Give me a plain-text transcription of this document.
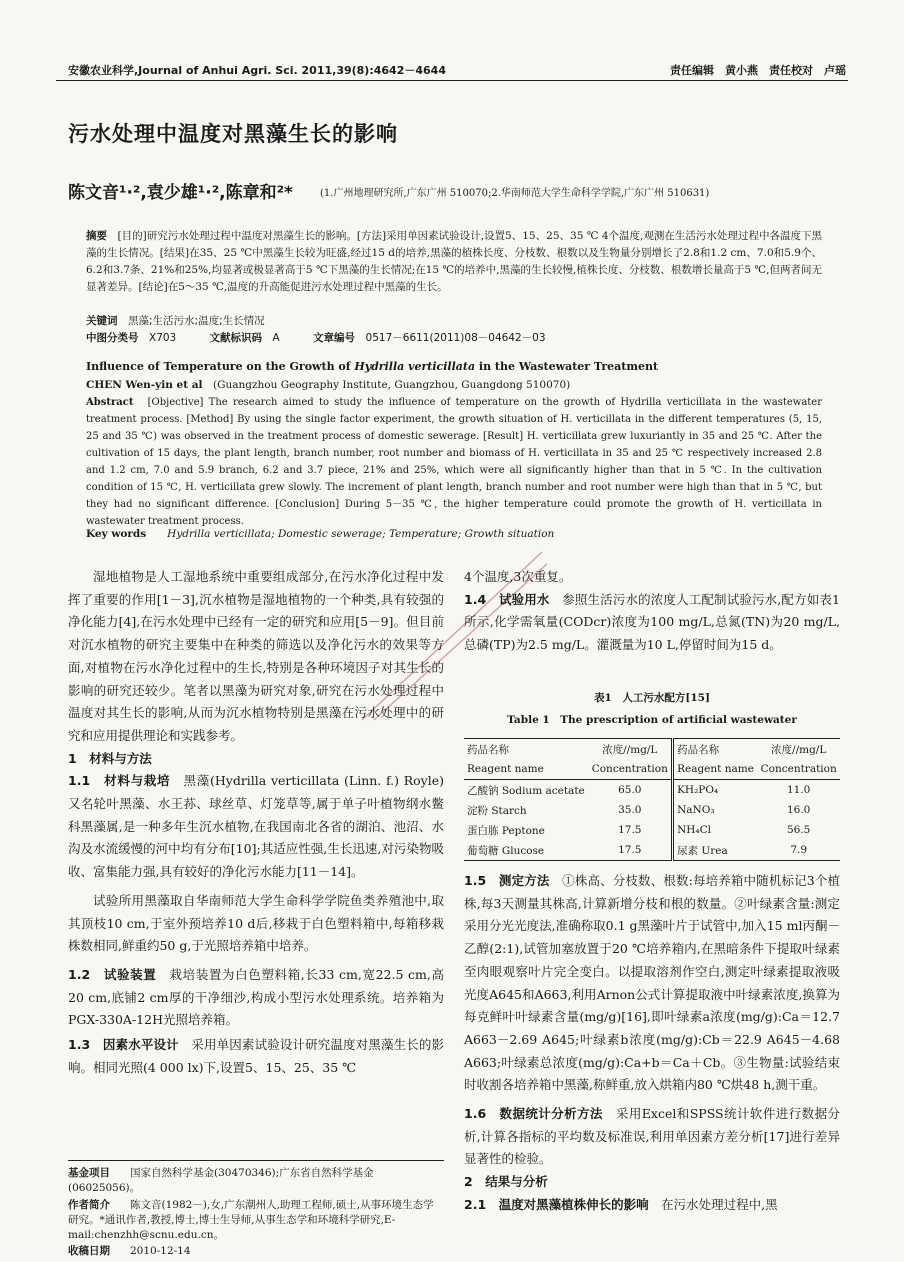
安徽农业科学,Journal of Anhui Agri. Sci. 2011,39(8):4642－4644	责任编辑　黄小燕　责任校对　卢瑶
污水处理中温度对黑藻生长的影响
陈文音¹·²,袁少雄¹·²,陈章和²*	(1.广州地理研究所,广东广州 510070;2.华南师范大学生命科学学院,广东广州 510631)
摘要　 [目的]研究污水处理过程中温度对黑藻生长的影响。[方法]采用单因素试验设计,设置5、15、25、35 ℃ 4个温度,观测在生活污水处理过程中各温度下黑藻的生长情况。[结果]在35、25 ℃中黑藻生长较为旺盛,经过15 d的培养,黑藻的植株长度、分枝数、根数以及生物量分别增长了2.8和1.2 cm、7.0和5.9个、6.2和3.7条、21%和25%,均显著或极显著高于5 ℃下黑藻的生长情况;在15 ℃的培养中,黑藻的生长较慢,植株长度、分枝数、根数增长量高于5 ℃,但两者间无显著差异。[结论]在5～35 ℃,温度的升高能促进污水处理过程中黑藻的生长。
关键词　 黑藻;生活污水;温度;生长情况
中图分类号　 X703	文献标识码　 A	文章编号　 0517－6611(2011)08－04642－03
Influence of Temperature on the Growth of Hydrilla verticillata in the Wastewater Treatment
CHEN Wen-yin et al　 (Guangzhou Geography Institute, Guangzhou, Guangdong 510070)
Abstract　 [Objective] The research aimed to study the influence of temperature on the growth of Hydrilla verticillata in the wastewater treatment process. [Method] By using the single factor experiment, the growth situation of H. verticillata in the different temperatures (5, 15, 25 and 35 ℃) was observed in the treatment process of domestic sewerage. [Result] H. verticillata grew luxuriantly in 35 and 25 ℃. After the cultivation of 15 days, the plant length, branch number, root number and biomass of H. verticillata in 35 and 25 ℃ respectively increased 2.8 and 1.2 cm, 7.0 and 5.9 branch, 6.2 and 3.7 piece, 21% and 25%, which were all significantly higher than that in 5 ℃. In the cultivation condition of 15 ℃, H. verticillata grew slowly. The increment of plant length, branch number and root number were high than that in 5 ℃, but they had no significant difference. [Conclusion] During 5－35 ℃, the higher temperature could promote the growth of H. verticillata in wastewater treatment process.
Key words　　 Hydrilla verticillata; Domestic sewerage; Temperature; Growth situation

湿地植物是人工湿地系统中重要组成部分,在污水净化过程中发挥了重要的作用[1－3],沉水植物是湿地植物的一个种类,具有较强的净化能力[4],在污水处理中已经有一定的研究和应用[5－9]。但目前对沉水植物的研究主要集中在种类的筛选以及净化污水的效果等方面,对植物在污水净化过程中的生长,特别是各种环境因子对其生长的影响的研究还较少。笔者以黑藻为研究对象,研究在污水处理过程中温度对其生长的影响,从而为沉水植物特别是黑藻在污水处理中的研究和应用提供理论和实践参考。

1　材料与方法

1.1　材料与栽培　黑藻(Hydrilla verticillata (Linn. f.) Royle)又名轮叶黑藻、水王荪、球丝草、灯笼草等,属于单子叶植物纲水鳖科黑藻属,是一种多年生沉水植物,在我国南北各省的湖泊、池沼、水沟及水流缓慢的河中均有分布[10];其适应性强,生长迅速,对污染物吸收、富集能力强,具有较好的净化污水能力[11－14]。

试验所用黑藻取自华南师范大学生命科学学院鱼类养殖池中,取其顶枝10 cm,于室外预培养10 d后,移栽于白色塑料箱中,每箱移栽株数相同,鲜重约50 g,于光照培养箱中培养。

1.2　试验装置　栽培装置为白色塑料箱,长33 cm,宽22.5 cm,高20 cm,底铺2 cm厚的干净细沙,构成小型污水处理系统。培养箱为PGX-330A-12H光照培养箱。

1.3　因素水平设计　采用单因素试验设计研究温度对黑藻生长的影响。相同光照(4 000 lx)下,设置5、15、25、35 ℃

4个温度,3次重复。

1.4　试验用水　参照生活污水的浓度人工配制试验污水,配方如表1所示,化学需氧量(CODcr)浓度为100 mg/L,总氮(TN)为20 mg/L,总磷(TP)为2.5 mg/L。灌溉量为10 L,停留时间为15 d。

表1　人工污水配方[15]
Table 1　The prescription of artificial wastewater
药品名称	浓度//mg/L	药品名称	浓度//mg/L
Reagent name	Concentration	Reagent name	Concentration
乙酸钠 Sodium acetate	65.0	KH₂PO₄	11.0
淀粉 Starch	35.0	NaNO₃	16.0
蛋白胨 Peptone	17.5	NH₄Cl	56.5
葡萄糖 Glucose	17.5	尿素 Urea	7.9

1.5　测定方法　①株高、分枝数、根数:每培养箱中随机标记3个植株,每3天测量其株高,计算新增分枝和根的数量。②叶绿素含量:测定采用分光光度法,准确称取0.1 g黑藻叶片于试管中,加入15 ml丙酮－乙醇(2:1),试管加塞放置于20 ℃培养箱内,在黑暗条件下提取叶绿素至肉眼观察叶片完全变白。以提取溶剂作空白,测定叶绿素提取液吸光度A645和A663,利用Arnon公式计算提取液中叶绿素浓度,换算为每克鲜叶叶绿素含量(mg/g)[16],即叶绿素a浓度(mg/g):Ca＝12.7 A663－2.69 A645;叶绿素b浓度(mg/g):Cb＝22.9 A645－4.68 A663;叶绿素总浓度(mg/g):Ca+b＝Ca＋Cb。③生物量:试验结束时收割各培养箱中黑藻,称鲜重,放入烘箱内80 ℃烘48 h,测干重。

1.6　数据统计分析方法　采用Excel和SPSS统计软件进行数据分析,计算各指标的平均数及标准误,利用单因素方差分析[17]进行差异显著性的检验。

2　结果与分析

2.1　温度对黑藻植株伸长的影响　在污水处理过程中,黑

基金项目 国家自然科学基金(30470346);广东省自然科学基金(06025056)。
作者简介 陈文音(1982－),女,广东潮州人,助理工程师,硕士,从事环境生态学研究。*通讯作者,教授,博士,博士生导师,从事生态学和环境科学研究,E-mail:chenzhh@scnu.edu.cn。
收稿日期 2010-12-14
